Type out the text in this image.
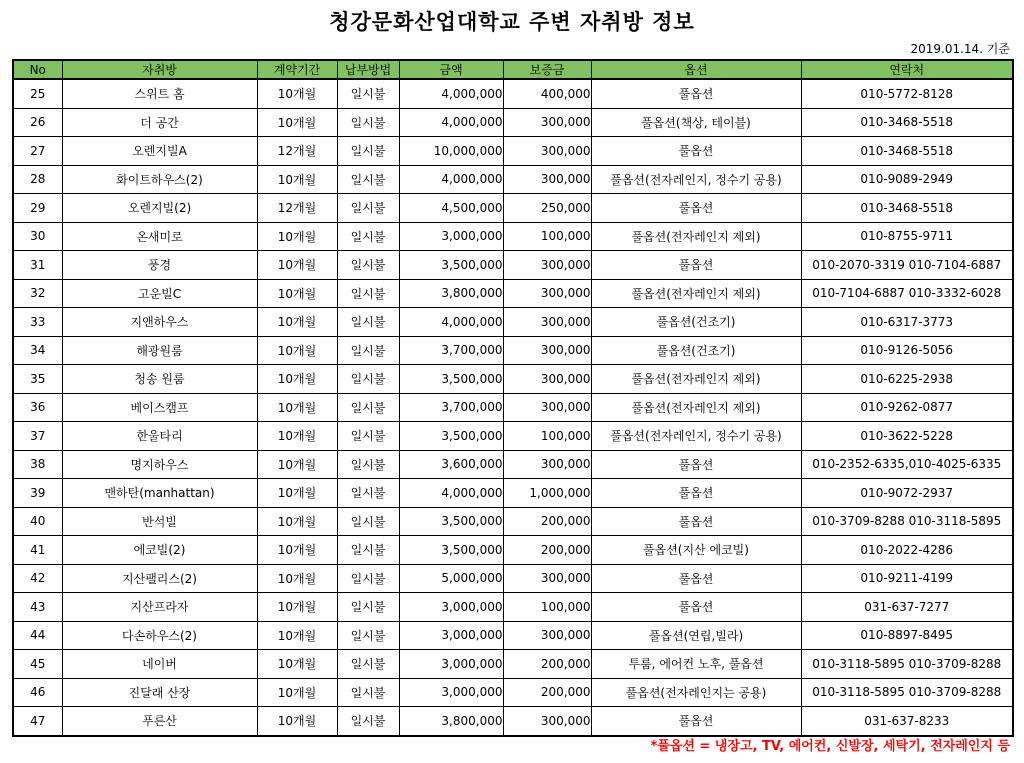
청강문화산업대학교 주변 자취방 정보
2019.01.14. 기준
No	자취방	계약기간	납부방법	금액	보증금	옵션	연락처
25	스위트 홈	10개월	일시불	4,000,000	400,000	풀옵션	010-5772-8128
26	더 공간	10개월	일시불	4,000,000	300,000	풀옵션(책상, 테이블)	010-3468-5518
27	오렌지빌A	12개월	일시불	10,000,000	300,000	풀옵션	010-3468-5518
28	화이트하우스(2)	10개월	일시불	4,000,000	300,000	풀옵션(전자레인지, 정수기 공용)	010-9089-2949
29	오렌지빌(2)	12개월	일시불	4,500,000	250,000	풀옵션	010-3468-5518
30	온새미로	10개월	일시불	3,000,000	100,000	풀옵션(전자레인지 제외)	010-8755-9711
31	풍경	10개월	일시불	3,500,000	300,000	풀옵션	010-2070-3319 010-7104-6887
32	고운빌C	10개월	일시불	3,800,000	300,000	풀옵션(전자레인지 제외)	010-7104-6887 010-3332-6028
33	지앤하우스	10개월	일시불	4,000,000	300,000	풀옵션(건조기)	010-6317-3773
34	해광원룸	10개월	일시불	3,700,000	300,000	풀옵션(건조기)	010-9126-5056
35	청송 원룸	10개월	일시불	3,500,000	300,000	풀옵션(전자레인지 제외)	010-6225-2938
36	베이스캠프	10개월	일시불	3,700,000	300,000	풀옵션(전자레인지 제외)	010-9262-0877
37	한울타리	10개월	일시불	3,500,000	100,000	풀옵션(전자레인지, 정수기 공용)	010-3622-5228
38	명지하우스	10개월	일시불	3,600,000	300,000	풀옵션	010-2352-6335,010-4025-6335
39	맨하탄(manhattan)	10개월	일시불	4,000,000	1,000,000	풀옵션	010-9072-2937
40	반석빌	10개월	일시불	3,500,000	200,000	풀옵션	010-3709-8288 010-3118-5895
41	에코빌(2)	10개월	일시불	3,500,000	200,000	풀옵션(지산 에코빌)	010-2022-4286
42	지산팰리스(2)	10개월	일시불	5,000,000	300,000	풀옵션	010-9211-4199
43	지산프라자	10개월	일시불	3,000,000	100,000	풀옵션	031-637-7277
44	다손하우스(2)	10개월	일시불	3,000,000	300,000	풀옵션(연립,빌라)	010-8897-8495
45	네이버	10개월	일시불	3,000,000	200,000	투룸, 에어컨 노후, 풀옵션	010-3118-5895 010-3709-8288
46	진달래 산장	10개월	일시불	3,000,000	200,000	풀옵션(전자레인지는 공용)	010-3118-5895 010-3709-8288
47	푸른산	10개월	일시불	3,800,000	300,000	풀옵션	031-637-8233
*풀옵션 = 냉장고, TV, 에어컨, 신발장, 세탁기, 전자레인지 등
